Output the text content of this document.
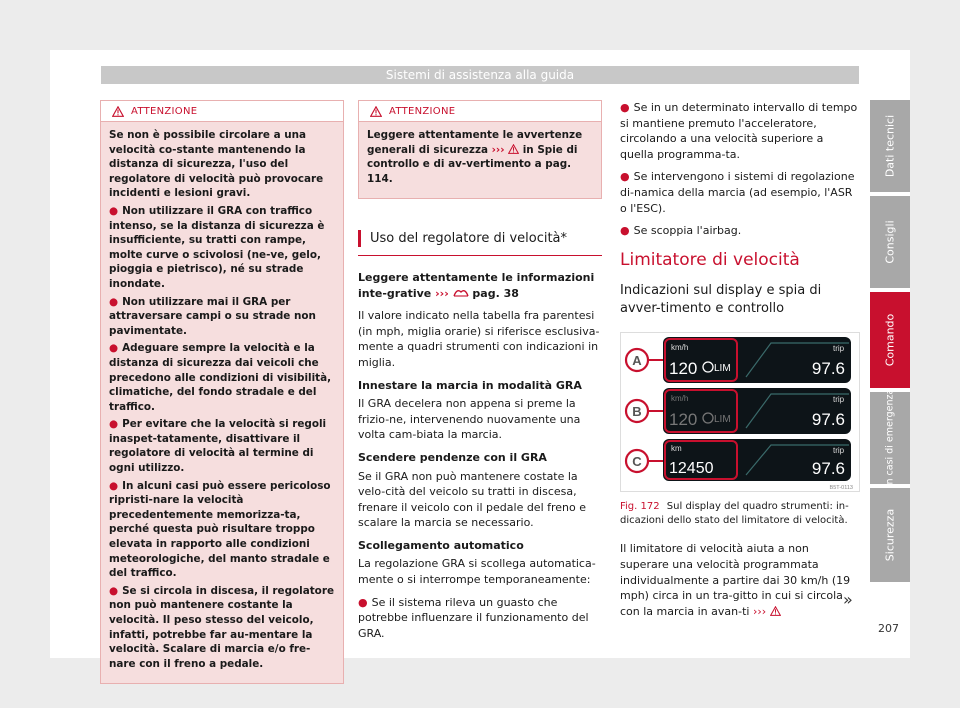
Sistemi di assistenza alla guida
ATTENZIONE

Se non è possibile circolare a una velocità co-stante mantenendo la distanza di sicurezza, l'uso del regolatore di velocità può provocare incidenti e lesioni gravi.

● Non utilizzare il GRA con traffico intenso, se la distanza di sicurezza è insufficiente, su tratti con rampe, molte curve o scivolosi (ne-ve, gelo, pioggia e pietrisco), né su strade inondate.

● Non utilizzare mai il GRA per attraversare campi o su strade non pavimentate.

● Adeguare sempre la velocità e la distanza di sicurezza dai veicoli che precedono alle condizioni di visibilità, climatiche, del fondo stradale e del traffico.

● Per evitare che la velocità si regoli inaspet-tatamente, disattivare il regolatore di velocità al termine di ogni utilizzo.

● In alcuni casi può essere pericoloso ripristi-nare la velocità precedentemente memorizza-ta, perché questa può risultare troppo elevata in rapporto alle condizioni meteorologiche, del manto stradale e del traffico.

● Se si circola in discesa, il regolatore non può mantenere costante la velocità. Il peso stesso del veicolo, infatti, potrebbe far au-mentare la velocità. Scalare di marcia e/o fre-nare con il freno a pedale.

ATTENZIONE

Leggere attentamente le avvertenze generali di sicurezza ››› in Spie di controllo e di av-vertimento a pag. 114.

Uso del regolatore di velocità*

Leggere attentamente le informazioni inte-grative ››› pag. 38

Il valore indicato nella tabella fra parentesi (in mph, miglia orarie) si riferisce esclusiva-mente a quadri strumenti con indicazioni in miglia.

Innestare la marcia in modalità GRA

Il GRA decelera non appena si preme la frizio-ne, intervenendo nuovamente una volta cam-biata la marcia.

Scendere pendenze con il GRA

Se il GRA non può mantenere costate la velo-cità del veicolo su tratti in discesa, frenare il veicolo con il pedale del freno e scalare la marcia se necessario.

Scollegamento automatico

La regolazione GRA si scollega automatica-mente o si interrompe temporaneamente:

● Se il sistema rileva un guasto che potrebbe influenzare il funzionamento del GRA.

● Se in un determinato intervallo di tempo si mantiene premuto l'acceleratore, circolando a una velocità superiore a quella programma-ta.

● Se intervengono i sistemi di regolazione di-namica della marcia (ad esempio, l'ASR o l'ESC).

● Se scoppia l'airbag.

Limitatore di velocità
Indicazioni sul display e spia di avver-timento e controllo
A
km/h
120 LIM
trip
97.6
B
km/h
120 LIM
trip
97.6
C
km
12450
trip
97.6
B5T-0113

Fig. 172 Sul display del quadro strumenti: in-dicazioni dello stato del limitatore di velocità.

Il limitatore di velocità aiuta a non superare una velocità programmata individualmente a partire dai 30 km/h (19 mph) circa in un tra-gitto in cui si circola con la marcia in avan-ti ›››

»
Dati tecnici
Consigli
Comando
In casi di emergenza
Sicurezza
207
